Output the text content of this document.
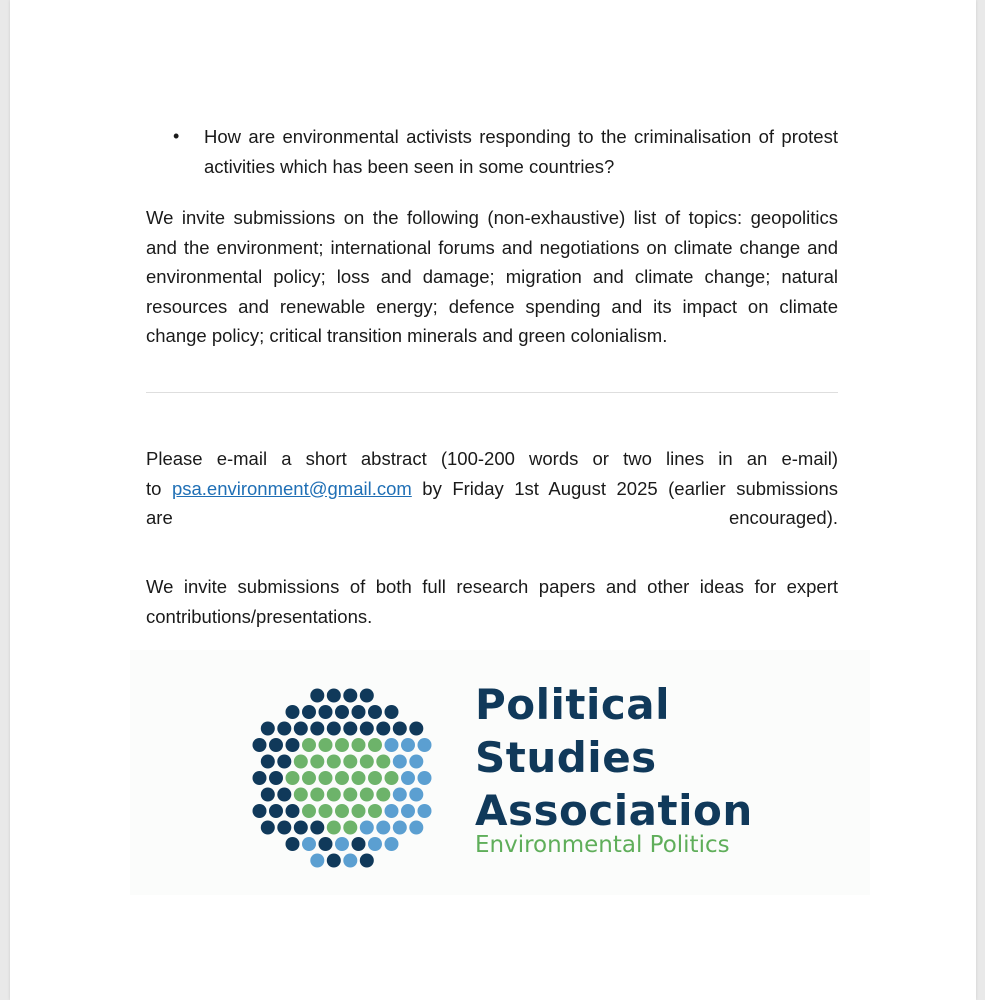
• How are environmental activists responding to the criminalisation of protest activities which has been seen in some countries?

We invite submissions on the following (non-exhaustive) list of topics: geopolitics and the environment; international forums and negotiations on climate change and environmental policy; loss and damage; migration and climate change; natural resources and renewable energy; defence spending and its impact on climate change policy; critical transition minerals and green colonialism.

Please e-mail a short abstract (100-200 words or two lines in an e-mail)

to psa.environment@gmail.com by Friday 1st August 2025 (earlier submissions

are	encouraged).

We invite submissions of both full research papers and other ideas for expert contributions/presentations.

Political
Studies
Association
Environmental Politics
